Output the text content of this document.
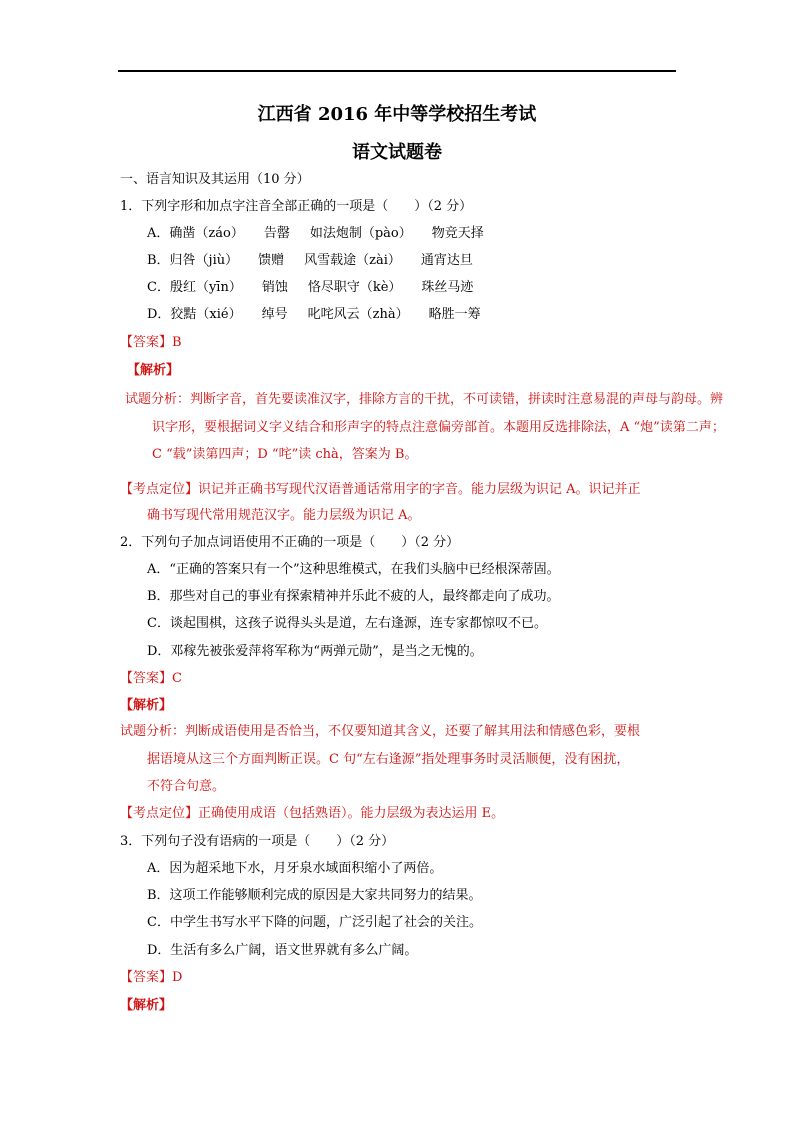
江西省 2016 年中等学校招生考试
语文试题卷
一、语言知识及其运用（10 分）
1．下列字形和加点字注音全部正确的一项是（　　）（2 分）
A．确凿（záo） 告罄 如法炮制（pào） 物竞天择
B．归咎（jiù） 馈赠 风雪载途（zài） 通宵达旦
C．殷红（yīn） 销蚀 恪尽职守（kè） 珠丝马迹
D．狡黠（xié） 绰号 叱咤风云（zhà） 略胜一筹
【答案】B
【解析】
试题分析：判断字音，首先要读准汉字，排除方言的干扰，不可读错，拼读时注意易混的声母与韵母。辨
识字形，要根据词义字义结合和形声字的特点注意偏旁部首。本题用反选排除法，A “炮”读第二声；
C “载”读第四声；D “咤”读 chà，答案为 B。
【考点定位】识记并正确书写现代汉语普通话常用字的字音。能力层级为识记 A。识记并正
确书写现代常用规范汉字。能力层级为识记 A。
2．下列句子加点词语使用不正确的一项是（　　）（2 分）
A．“正确的答案只有一个”这种思维模式，在我们头脑中已经根深蒂固。
B．那些对自己的事业有探索精神并乐此不疲的人，最终都走向了成功。
C．谈起围棋，这孩子说得头头是道，左右逢源，连专家都惊叹不已。
D．邓稼先被张爱萍将军称为“两弹元勋”，是当之无愧的。
【答案】C
【解析】
试题分析：判断成语使用是否恰当，不仅要知道其含义，还要了解其用法和情感色彩，要根
据语境从这三个方面判断正误。C 句“左右逢源”指处理事务时灵活顺便，没有困扰，
不符合句意。
【考点定位】正确使用成语（包括熟语）。能力层级为表达运用 E。
3．下列句子没有语病的一项是（　　）（2 分）
A．因为超采地下水，月牙泉水域面积缩小了两倍。
B．这项工作能够顺利完成的原因是大家共同努力的结果。
C．中学生书写水平下降的问题，广泛引起了社会的关注。
D．生活有多么广阔，语文世界就有多么广阔。
【答案】D
【解析】
